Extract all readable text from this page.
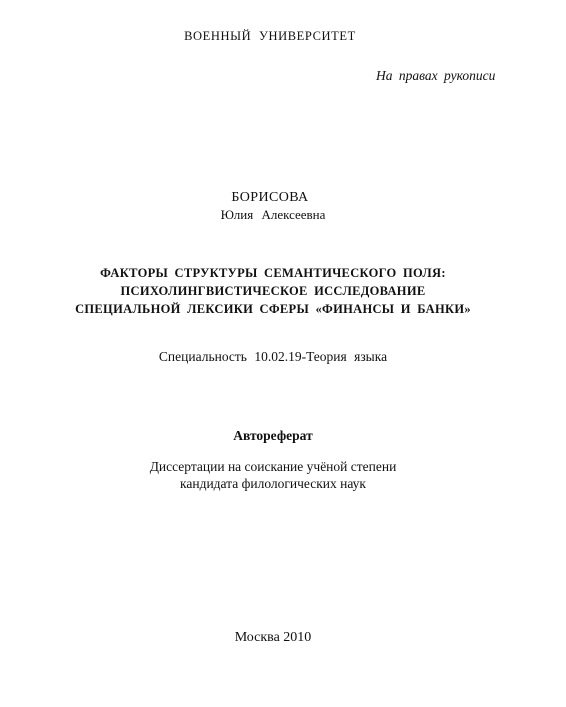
ВОЕННЫЙ УНИВЕРСИТЕТ
На правах рукописи
БОРИСОВА
Юлия Алексеевна
ФАКТОРЫ СТРУКТУРЫ СЕМАНТИЧЕСКОГО ПОЛЯ:
ПСИХОЛИНГВИСТИЧЕСКОЕ ИССЛЕДОВАНИЕ
СПЕЦИАЛЬНОЙ ЛЕКСИКИ СФЕРЫ «ФИНАНСЫ И БАНКИ»
Специальность 10.02.19-Теория языка
Автореферат
Диссертации на соискание учёной степени
кандидата филологических наук
Москва 2010
